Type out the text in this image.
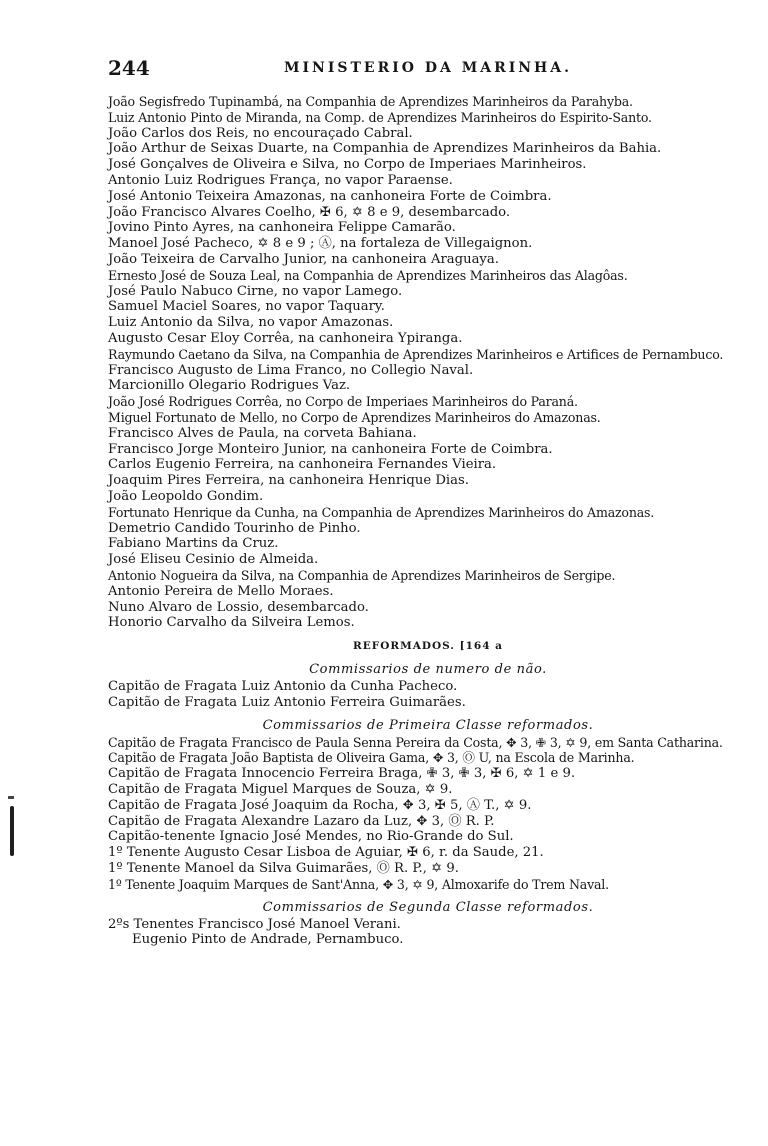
244	MINISTERIO DA MARINHA.
João Segisfredo Tupinambá, na Companhia de Aprendizes Marinheiros da Parahyba.
Luiz Antonio Pinto de Miranda, na Comp. de Aprendizes Marinheiros do Espirito-Santo.
João Carlos dos Reis, no encouraçado Cabral.
João Arthur de Seixas Duarte, na Companhia de Aprendizes Marinheiros da Bahia.
José Gonçalves de Oliveira e Silva, no Corpo de Imperiaes Marinheiros.
Antonio Luiz Rodrigues França, no vapor Paraense.
José Antonio Teixeira Amazonas, na canhoneira Forte de Coimbra.
João Francisco Alvares Coelho, ✠ 6, ✡ 8 e 9, desembarcado.
Jovino Pinto Ayres, na canhoneira Felippe Camarão.
Manoel José Pacheco, ✡ 8 e 9 ; Ⓐ, na fortaleza de Villegaignon.
João Teixeira de Carvalho Junior, na canhoneira Araguaya.
Ernesto José de Souza Leal, na Companhia de Aprendizes Marinheiros das Alagôas.
José Paulo Nabuco Cirne, no vapor Lamego.
Samuel Maciel Soares, no vapor Taquary.
Luiz Antonio da Silva, no vapor Amazonas.
Augusto Cesar Eloy Corrêa, na canhoneira Ypiranga.
Raymundo Caetano da Silva, na Companhia de Aprendizes Marinheiros e Artifices de Pernambuco.
Francisco Augusto de Lima Franco, no Collegio Naval.
Marcionillo Olegario Rodrigues Vaz.
João José Rodrigues Corrêa, no Corpo de Imperiaes Marinheiros do Paraná.
Miguel Fortunato de Mello, no Corpo de Aprendizes Marinheiros do Amazonas.
Francisco Alves de Paula, na corveta Bahiana.
Francisco Jorge Monteiro Junior, na canhoneira Forte de Coimbra.
Carlos Eugenio Ferreira, na canhoneira Fernandes Vieira.
Joaquim Pires Ferreira, na canhoneira Henrique Dias.
João Leopoldo Gondim.
Fortunato Henrique da Cunha, na Companhia de Aprendizes Marinheiros do Amazonas.
Demetrio Candido Tourinho de Pinho.
Fabiano Martins da Cruz.
José Eliseu Cesinio de Almeida.
Antonio Nogueira da Silva, na Companhia de Aprendizes Marinheiros de Sergipe.
Antonio Pereira de Mello Moraes.
Nuno Alvaro de Lossio, desembarcado.
Honorio Carvalho da Silveira Lemos.
REFORMADOS. [164 a
Commissarios de numero de não.
Capitão de Fragata Luiz Antonio da Cunha Pacheco.
Capitão de Fragata Luiz Antonio Ferreira Guimarães.
Commissarios de Primeira Classe reformados.
Capitão de Fragata Francisco de Paula Senna Pereira da Costa, ✥ 3, ✙ 3, ✡ 9, em Santa Catharina.
Capitão de Fragata João Baptista de Oliveira Gama, ✥ 3, Ⓞ U, na Escola de Marinha.
Capitão de Fragata Innocencio Ferreira Braga, ✙ 3, ✙ 3, ✠ 6, ✡ 1 e 9.
Capitão de Fragata Miguel Marques de Souza, ✡ 9.
Capitão de Fragata José Joaquim da Rocha, ✥ 3, ✠ 5, Ⓐ T., ✡ 9.
Capitão de Fragata Alexandre Lazaro da Luz, ✥ 3, Ⓞ R. P.
Capitão-tenente Ignacio José Mendes, no Rio-Grande do Sul.
1º Tenente Augusto Cesar Lisboa de Aguiar, ✠ 6, r. da Saude, 21.
1º Tenente Manoel da Silva Guimarães, Ⓞ R. P., ✡ 9.
1º Tenente Joaquim Marques de Sant'Anna, ✥ 3, ✡ 9, Almoxarife do Trem Naval.
Commissarios de Segunda Classe reformados.
2ºs Tenentes Francisco José Manoel Verani.
Eugenio Pinto de Andrade, Pernambuco.
